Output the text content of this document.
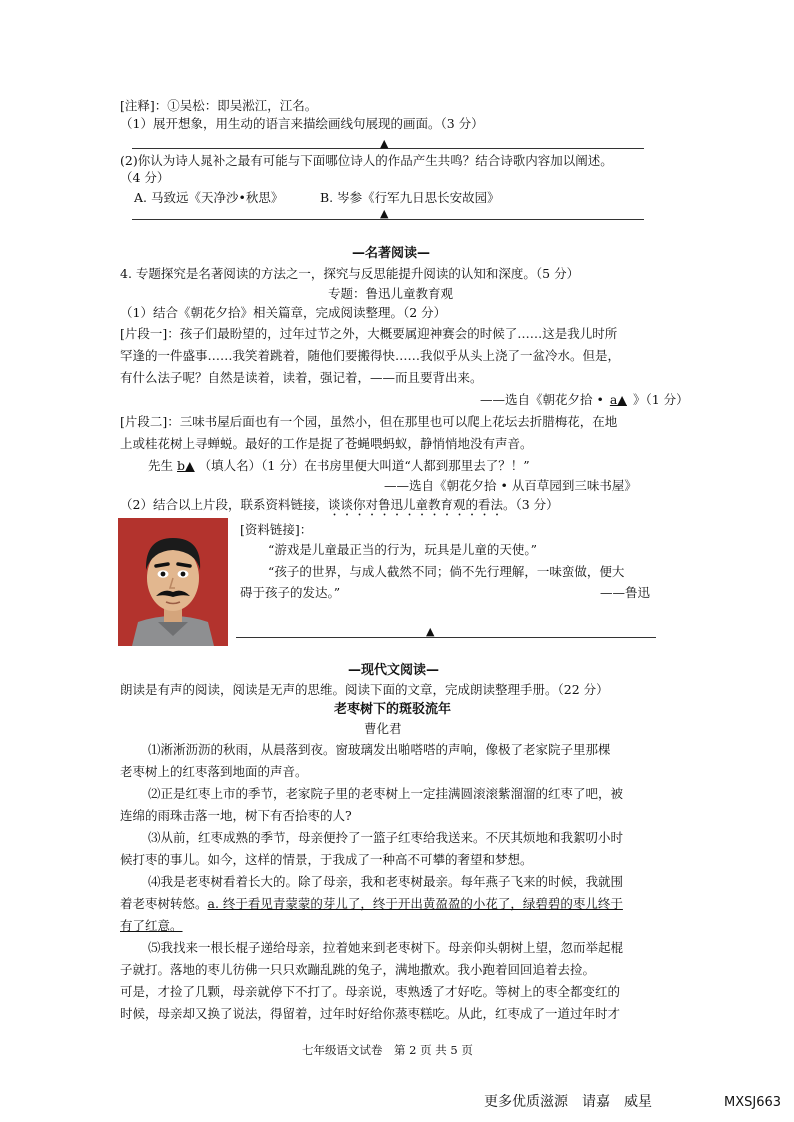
[注释]：①吴松：即吴淞江，江名。
（1）展开想象，用生动的语言来描绘画线句展现的画面。（3 分）
▲
(2)你认为诗人晁补之最有可能与下面哪位诗人的作品产生共鸣？结合诗歌内容加以阐述。
（4 分）
A. 马致远《天净沙•秋思》	B. 岑参《行军九日思长安故园》
▲
—名著阅读—
4. 专题探究是名著阅读的方法之一，探究与反思能提升阅读的认知和深度。（5 分）
专题：鲁迅儿童教育观
（1）结合《朝花夕拾》相关篇章，完成阅读整理。（2 分）
[片段一]：孩子们最盼望的，过年过节之外，大概要属迎神赛会的时候了……这是我儿时所
罕逢的一件盛事……我笑着跳着，随他们要搬得快……我似乎从头上浇了一盆冷水。但是，
有什么法子呢？自然是读着，读着，强记着，——而且要背出来。
——选自《朝花夕拾 • a▲ 》（1 分）
[片段二]：三味书屋后面也有一个园，虽然小，但在那里也可以爬上花坛去折腊梅花，在地
上或桂花树上寻蝉蜕。最好的工作是捉了苍蝇喂蚂蚁，静悄悄地没有声音。
先生 b▲ （填人名）（1 分）在书房里便大叫道“人都到那里去了？！”
——选自《朝花夕拾 • 从百草园到三味书屋》
（2）结合以上片段，联系资料链接，谈谈你对鲁迅儿童教育观的看法。（3 分）
[资料链接]：
“游戏是儿童最正当的行为，玩具是儿童的天使。”
“孩子的世界，与成人截然不同；倘不先行理解，一味蛮做，便大
碍于孩子的发达。”	——鲁迅
▲
—现代文阅读—
朗读是有声的阅读，阅读是无声的思维。阅读下面的文章，完成朗读整理手册。（22 分）
老枣树下的斑驳流年
曹化君
⑴淅淅沥沥的秋雨，从晨落到夜。窗玻璃发出啪嗒嗒的声响，像极了老家院子里那棵
老枣树上的红枣落到地面的声音。
⑵正是红枣上市的季节，老家院子里的老枣树上一定挂满圆滚滚紫溜溜的红枣了吧，被
连绵的雨珠击落一地，树下有否拾枣的人?
⑶从前，红枣成熟的季节，母亲便拎了一篮子红枣给我送来。不厌其烦地和我絮叨小时
候打枣的事儿。如今，这样的情景，于我成了一种高不可攀的奢望和梦想。
⑷我是老枣树看着长大的。除了母亲，我和老枣树最亲。每年燕子飞来的时候，我就围
着老枣树转悠。a. 终于看见青蒙蒙的芽儿了，终于开出黄盈盈的小花了，绿碧碧的枣儿终于
有了红意。
⑸我找来一根长棍子递给母亲，拉着她来到老枣树下。母亲仰头朝树上望，忽而举起棍
子就打。落地的枣儿彷佛一只只欢蹦乱跳的兔子，满地撒欢。我小跑着回回追着去捡。
可是，才捡了几颗，母亲就停下不打了。母亲说，枣熟透了才好吃。等树上的枣全都变红的
时候，母亲却又换了说法，得留着，过年时好给你蒸枣糕吃。从此，红枣成了一道过年时才
七年级语文试卷　第 2 页 共 5 页
更多优质滋源　请嘉　威星	MXSJ663
